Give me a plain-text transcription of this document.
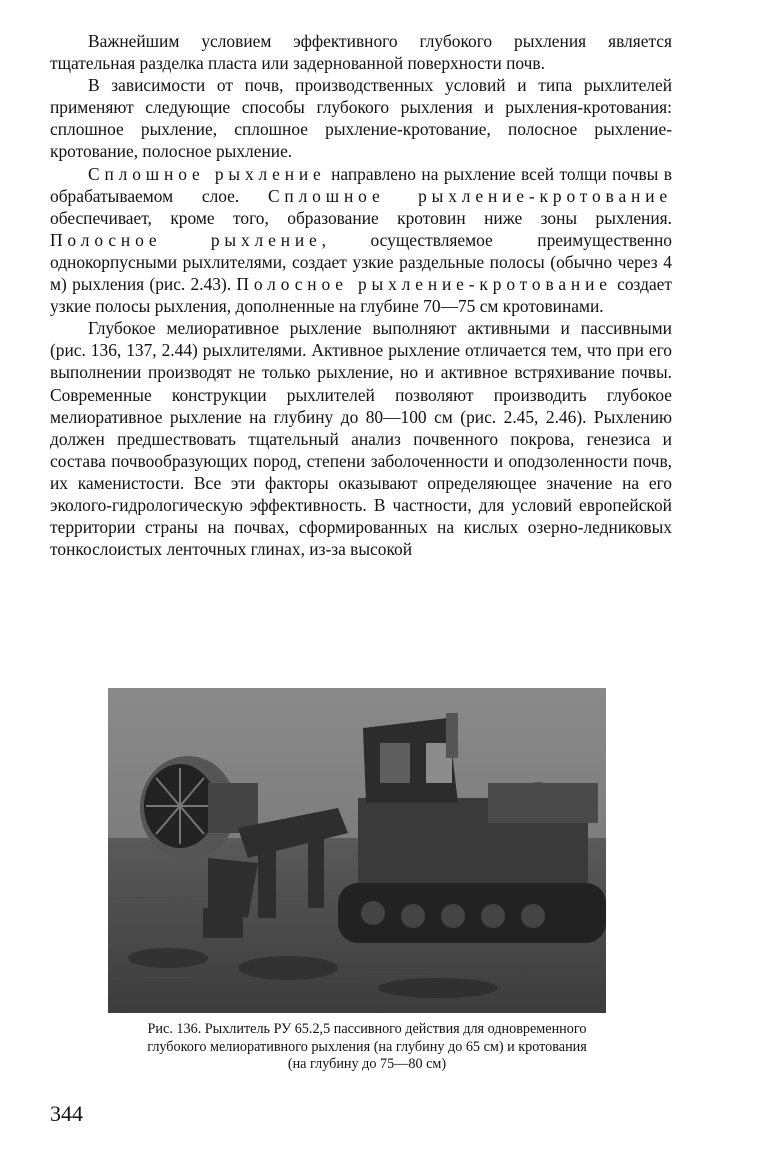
Важнейшим условием эффективного глубокого рыхления является тщательная разделка пласта или задернованной поверхности почв.

В зависимости от почв, производственных условий и типа рыхлителей применяют следующие способы глубокого рыхления и рыхления-кротования: сплошное рыхление, сплошное рыхление-кротование, полосное рыхление-кротование, полосное рыхление.

Сплошное рыхление направлено на рыхление всей толщи почвы в обрабатываемом слое. Сплошное рыхление-кротование обеспечивает, кроме того, образование кротовин ниже зоны рыхления. Полосное рыхление, осуществляемое преимущественно однокорпусными рыхлителями, создает узкие раздельные полосы (обычно через 4 м) рыхления (рис. 2.43). Полосное рыхление-кротование создает узкие полосы рыхления, дополненные на глубине 70—75 см кротовинами.

Глубокое мелиоративное рыхление выполняют активными и пассивными (рис. 136, 137, 2.44) рыхлителями. Активное рыхление отличается тем, что при его выполнении производят не только рыхление, но и активное встряхивание почвы. Современные конструкции рыхлителей позволяют производить глубокое мелиоративное рыхление на глубину до 80—100 см (рис. 2.45, 2.46). Рыхлению должен предшествовать тщательный анализ почвенного покрова, генезиса и состава почвообразующих пород, степени заболоченности и оподзоленности почв, их каменистости. Все эти факторы оказывают определяющее значение на его эколого-гидрологическую эффективность. В частности, для условий европейской территории страны на почвах, сформированных на кислых озерно-ледниковых тонкослоистых ленточных глинах, из-за высокой

Рис. 136. Рыхлитель РУ 65.2,5 пассивного действия для одновременного
глубокого мелиоративного рыхления (на глубину до 65 см) и кротования
(на глубину до 75—80 см)
344
